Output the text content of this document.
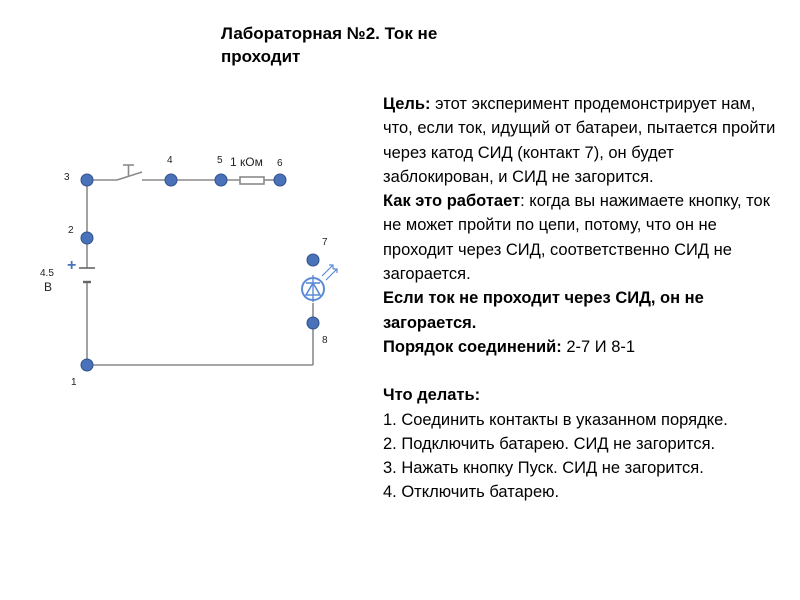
Лабораторная №2. Ток не проходит
3
4	5	6
2
7
8
1
1 кОм
+
4.5
В

Цель: этот эксперимент продемонстрирует нам, что, если ток, идущий от батареи, пытается пройти через катод СИД (контакт 7), он будет заблокирован, и СИД не загорится.

Как это работает: когда вы нажимаете кнопку, ток не может пройти по цепи, потому, что он не проходит через СИД, соответственно СИД не загорается.

Если ток не проходит через СИД, он не загорается.

Порядок соединений: 2-7 И 8-1

Что делать:

1. Соединить контакты в указанном порядке.

2. Подключить батарею. СИД не загорится.

3. Нажать кнопку Пуск. СИД не загорится.

4. Отключить батарею.
